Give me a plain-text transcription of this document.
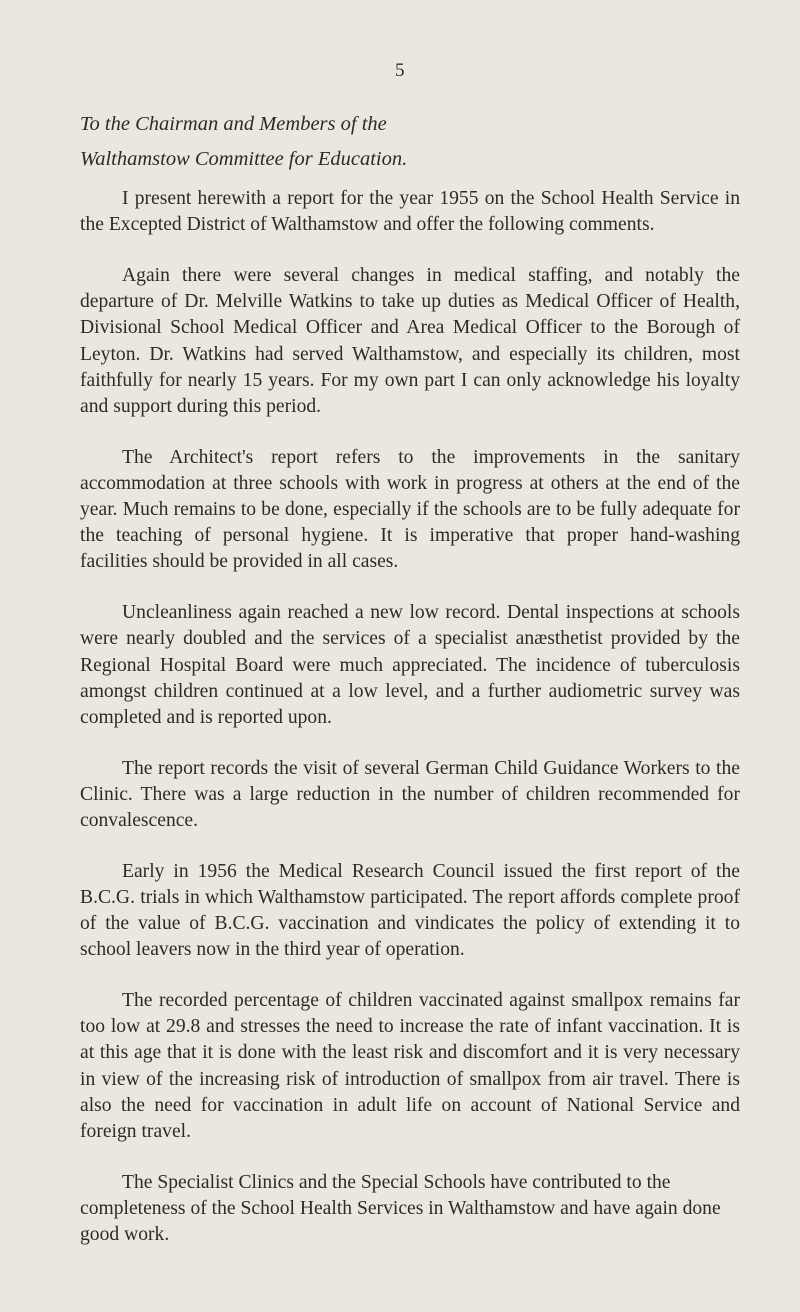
5
To the Chairman and Members of the
Walthamstow Committee for Education.

I present herewith a report for the year 1955 on the School Health Service in the Excepted District of Walthamstow and offer the following comments.

Again there were several changes in medical staffing, and notably the departure of Dr. Melville Watkins to take up duties as Medical Officer of Health, Divisional School Medical Officer and Area Medical Officer to the Borough of Leyton. Dr. Watkins had served Walthamstow, and especially its children, most faithfully for nearly 15 years. For my own part I can only acknowledge his loyalty and support during this period.

The Architect's report refers to the improvements in the sanitary accommodation at three schools with work in progress at others at the end of the year. Much remains to be done, especially if the schools are to be fully adequate for the teaching of personal hygiene. It is imperative that proper hand-washing facilities should be provided in all cases.

Uncleanliness again reached a new low record. Dental inspections at schools were nearly doubled and the services of a specialist anæsthetist provided by the Regional Hospital Board were much appreciated. The incidence of tuberculosis amongst children continued at a low level, and a further audiometric survey was completed and is reported upon.

The report records the visit of several German Child Guidance Workers to the Clinic. There was a large reduction in the number of children recommended for convalescence.

Early in 1956 the Medical Research Council issued the first report of the B.C.G. trials in which Walthamstow participated. The report affords complete proof of the value of B.C.G. vaccination and vindicates the policy of extending it to school leavers now in the third year of operation.

The recorded percentage of children vaccinated against smallpox remains far too low at 29.8 and stresses the need to increase the rate of infant vaccination. It is at this age that it is done with the least risk and discomfort and it is very necessary in view of the increasing risk of introduction of smallpox from air travel. There is also the need for vaccination in adult life on account of National Service and foreign travel.

The Specialist Clinics and the Special Schools have contributed to the completeness of the School Health Services in Walthamstow and have again done good work.
